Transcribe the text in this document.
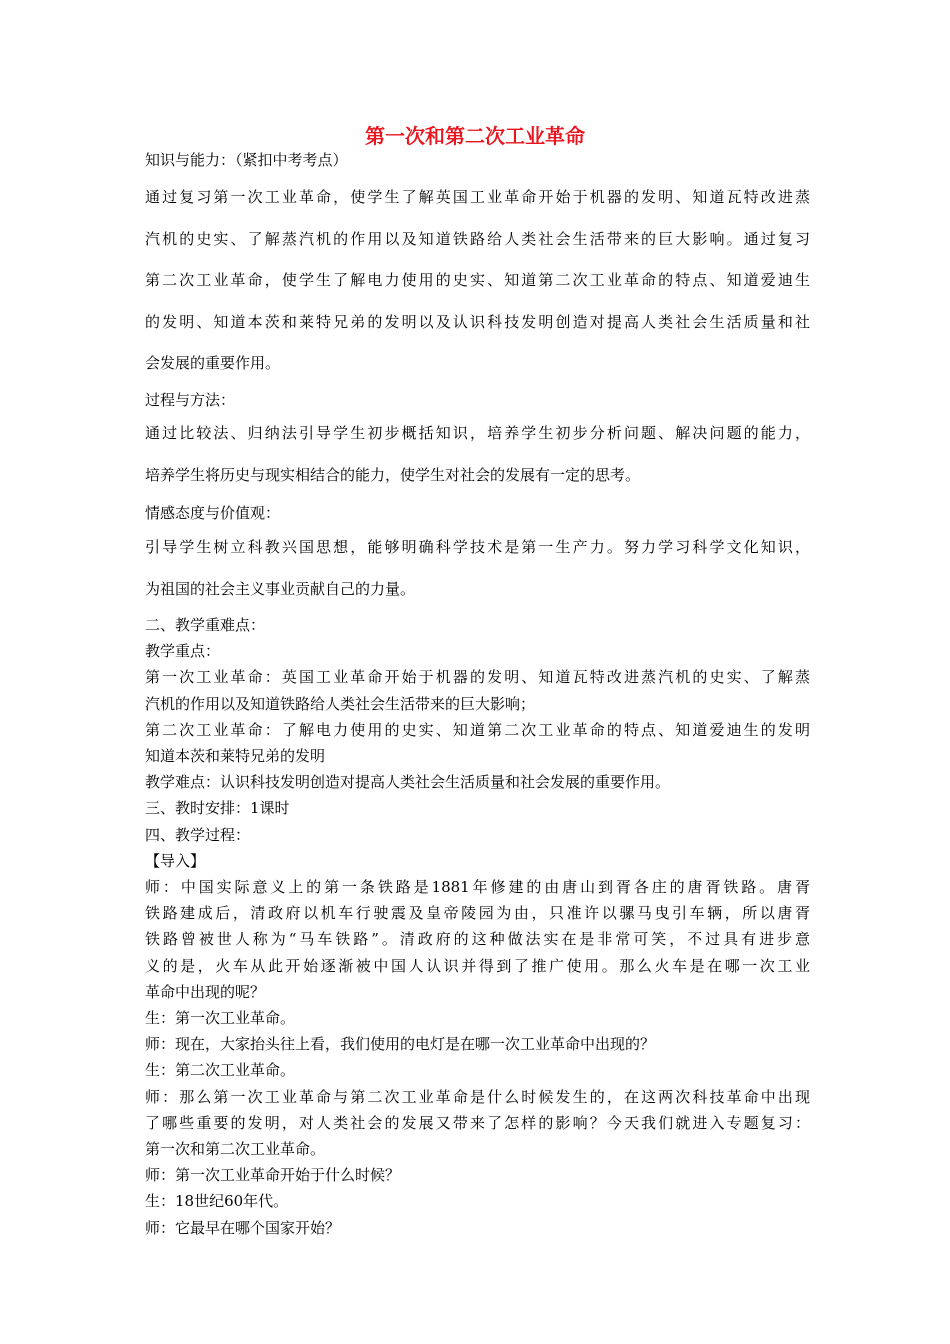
第一次和第二次工业革命

知识与能力：（紧扣中考考点）

通过复习第一次工业革命，使学生了解英国工业革命开始于机器的发明、知道瓦特改进蒸
汽机的史实、了解蒸汽机的作用以及知道铁路给人类社会生活带来的巨大影响。通过复习
第二次工业革命，使学生了解电力使用的史实、知道第二次工业革命的特点、知道爱迪生
的发明、知道本茨和莱特兄弟的发明以及认识科技发明创造对提高人类社会生活质量和社
会发展的重要作用。

过程与方法：

通过比较法、归纳法引导学生初步概括知识，培养学生初步分析问题、解决问题的能力，
培养学生将历史与现实相结合的能力，使学生对社会的发展有一定的思考。

情感态度与价值观：

引导学生树立科教兴国思想，能够明确科学技术是第一生产力。努力学习科学文化知识，
为祖国的社会主义事业贡献自己的力量。
二、教学重难点：
教学重点：
第一次工业革命：英国工业革命开始于机器的发明、知道瓦特改进蒸汽机的史实、了解蒸
汽机的作用以及知道铁路给人类社会生活带来的巨大影响；
第二次工业革命：了解电力使用的史实、知道第二次工业革命的特点、知道爱迪生的发明
知道本茨和莱特兄弟的发明
教学难点：认识科技发明创造对提高人类社会生活质量和社会发展的重要作用。
三、教时安排：1课时
四、教学过程：
【导入】
师：中国实际意义上的第一条铁路是1881年修建的由唐山到胥各庄的唐胥铁路。唐胥
铁路建成后，清政府以机车行驶震及皇帝陵园为由，只准许以骡马曳引车辆，所以唐胥
铁路曾被世人称为“马车铁路”。清政府的这种做法实在是非常可笑，不过具有进步意
义的是，火车从此开始逐渐被中国人认识并得到了推广使用。那么火车是在哪一次工业
革命中出现的呢？
生：第一次工业革命。
师：现在，大家抬头往上看，我们使用的电灯是在哪一次工业革命中出现的？
生：第二次工业革命。
师：那么第一次工业革命与第二次工业革命是什么时候发生的，在这两次科技革命中出现
了哪些重要的发明，对人类社会的发展又带来了怎样的影响？今天我们就进入专题复习：
第一次和第二次工业革命。
师：第一次工业革命开始于什么时候？
生：18世纪60年代。
师：它最早在哪个国家开始？
